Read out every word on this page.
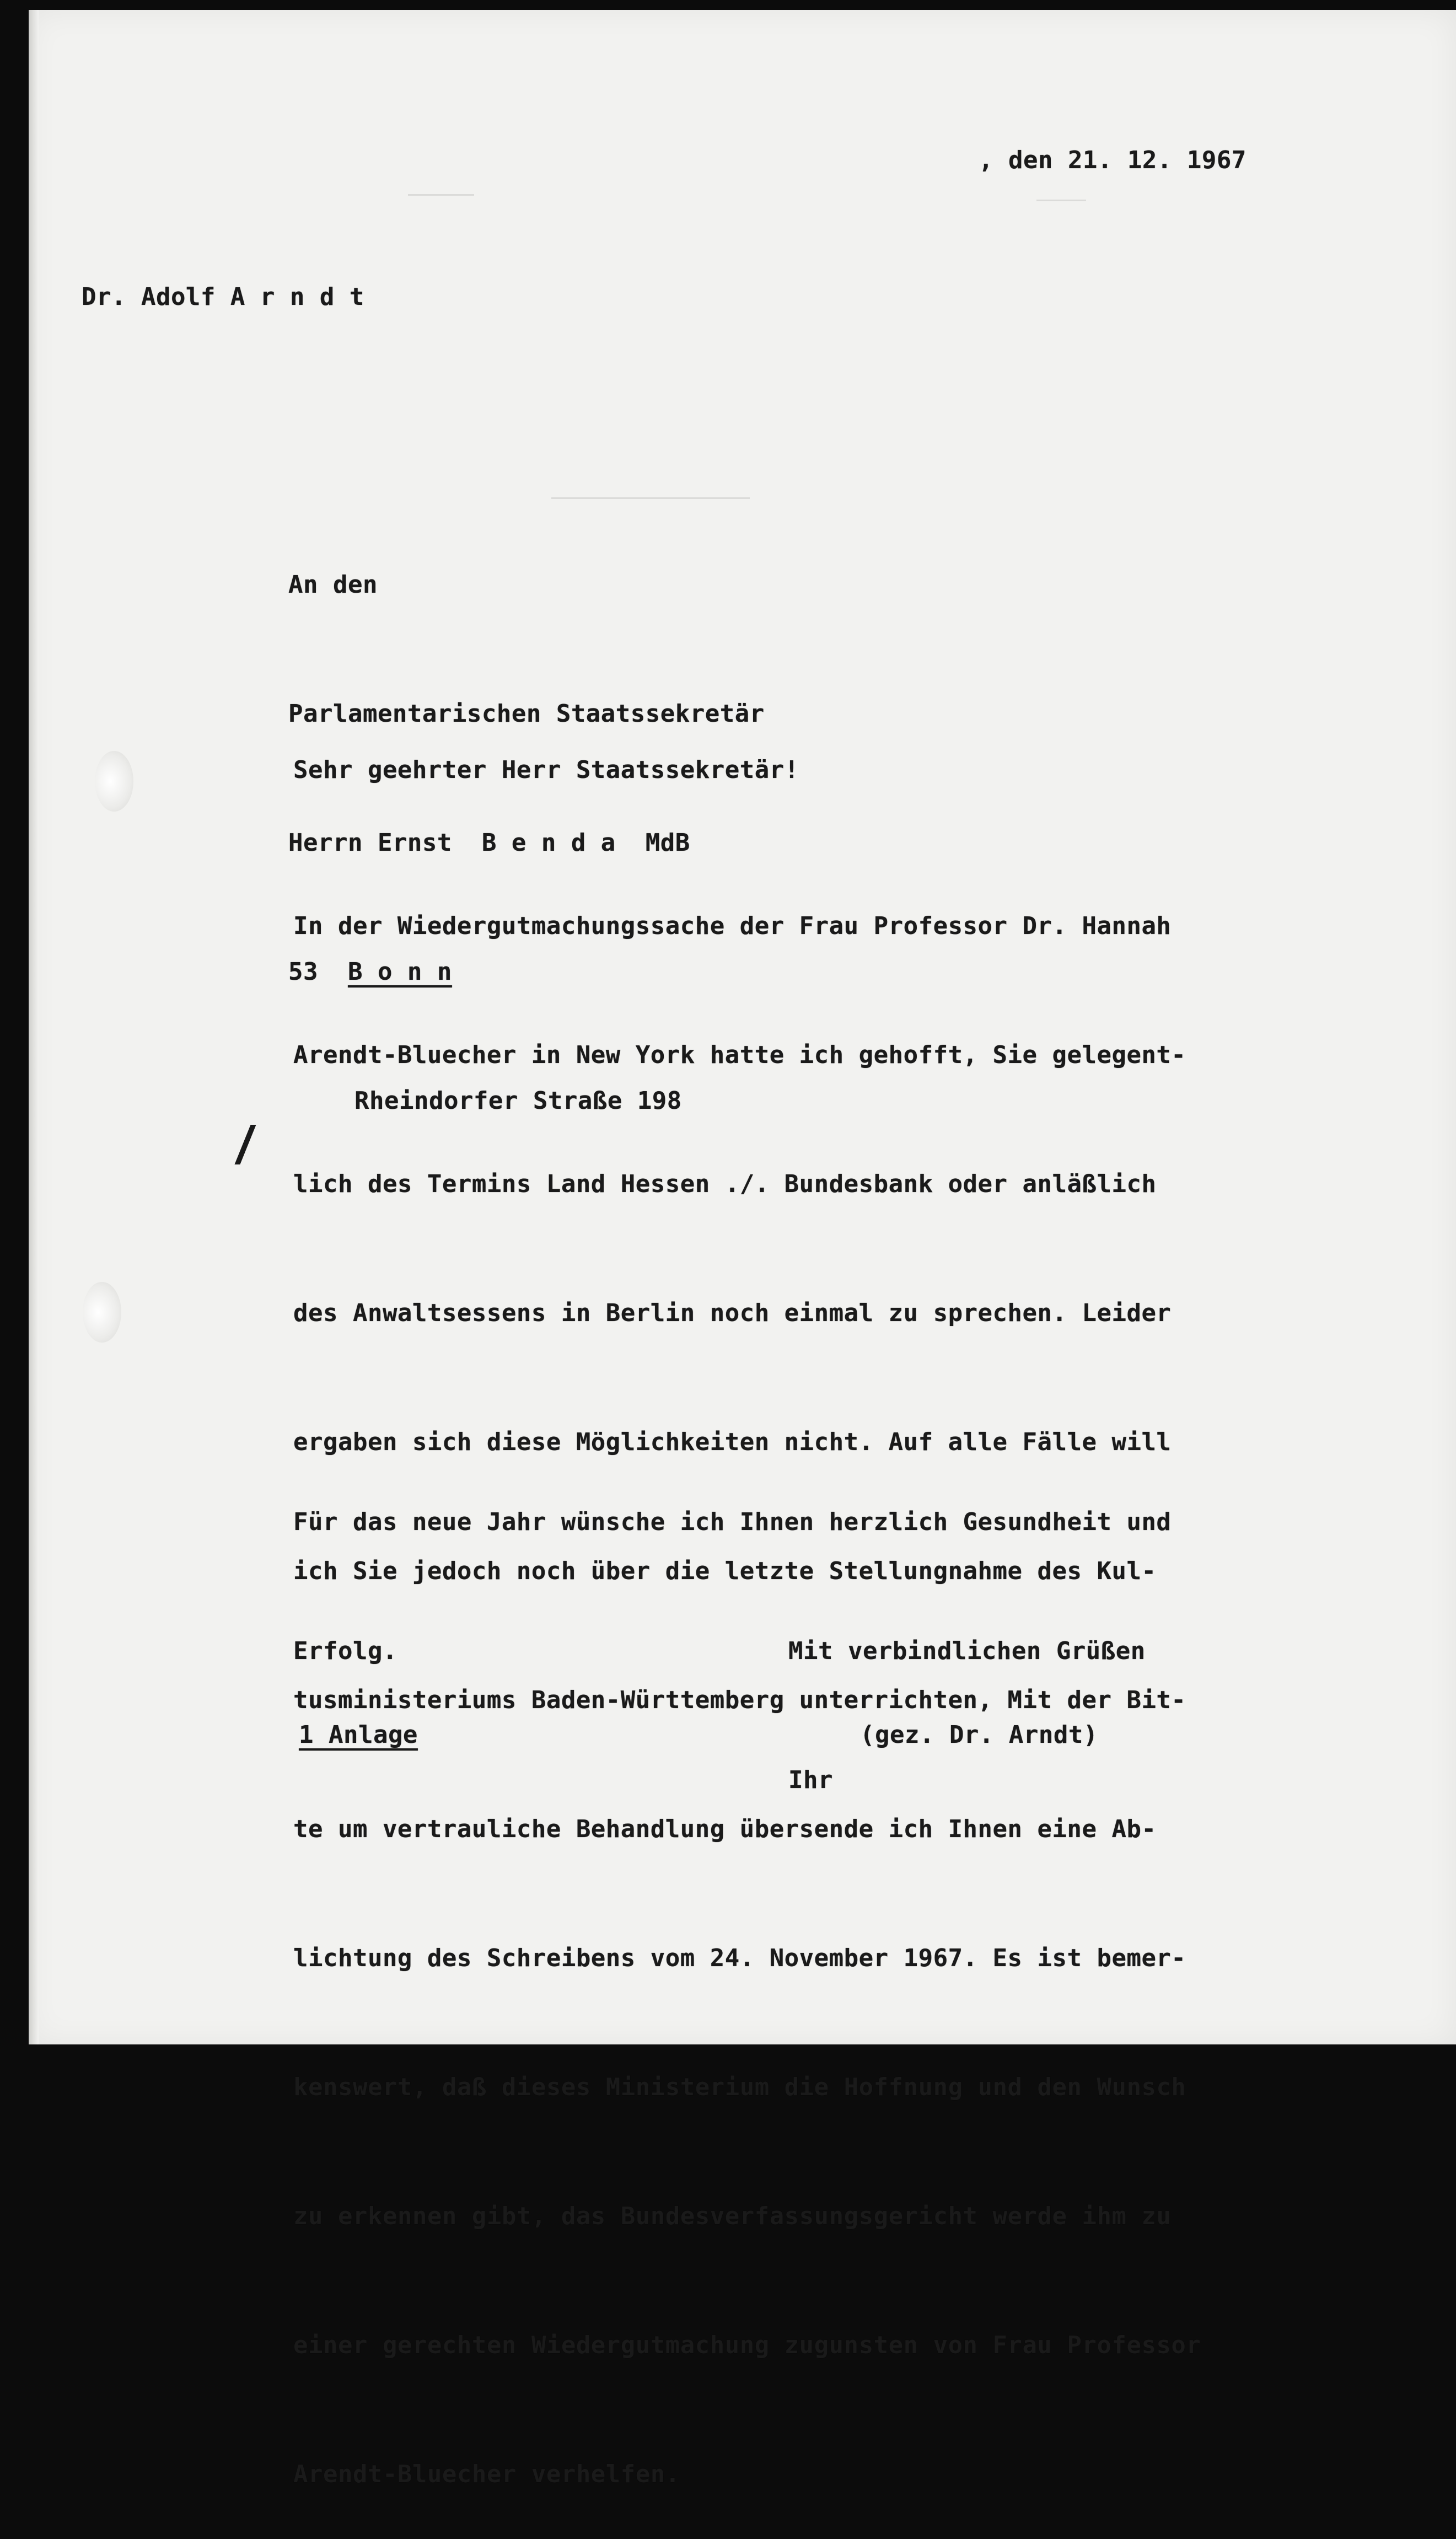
, den 21. 12. 1967
Dr. Adolf A r n d t

An den

Parlamentarischen Staatssekretär

Herrn Ernst  B e n d a  MdB

53 B o n n

Rheindorfer Straße 198

Sehr geehrter Herr Staatssekretär!

In der Wiedergutmachungssache der Frau Professor Dr. Hannah

Arendt-Bluecher in New York hatte ich gehofft, Sie gelegent-

lich des Termins Land Hessen ./. Bundesbank oder anläßlich

des Anwaltsessens in Berlin noch einmal zu sprechen. Leider

ergaben sich diese Möglichkeiten nicht. Auf alle Fälle will

ich Sie jedoch noch über die letzte Stellungnahme des Kul-

tusministeriums Baden-Württemberg unterrichten, Mit der Bit-

te um vertrauliche Behandlung übersende ich Ihnen eine Ab-

lichtung des Schreibens vom 24. November 1967. Es ist bemer-

kenswert, daß dieses Ministerium die Hoffnung und den Wunsch

zu erkennen gibt, das Bundesverfassungsgericht werde ihm zu

einer gerechten Wiedergutmachung zugunsten von Frau Professor

Arendt-Bluecher verhelfen.

Für das neue Jahr wünsche ich Ihnen herzlich Gesundheit und

Erfolg.

	Mit verbindlichen Grüßen

Ihr

1 Anlage	(gez. Dr. Arndt)
